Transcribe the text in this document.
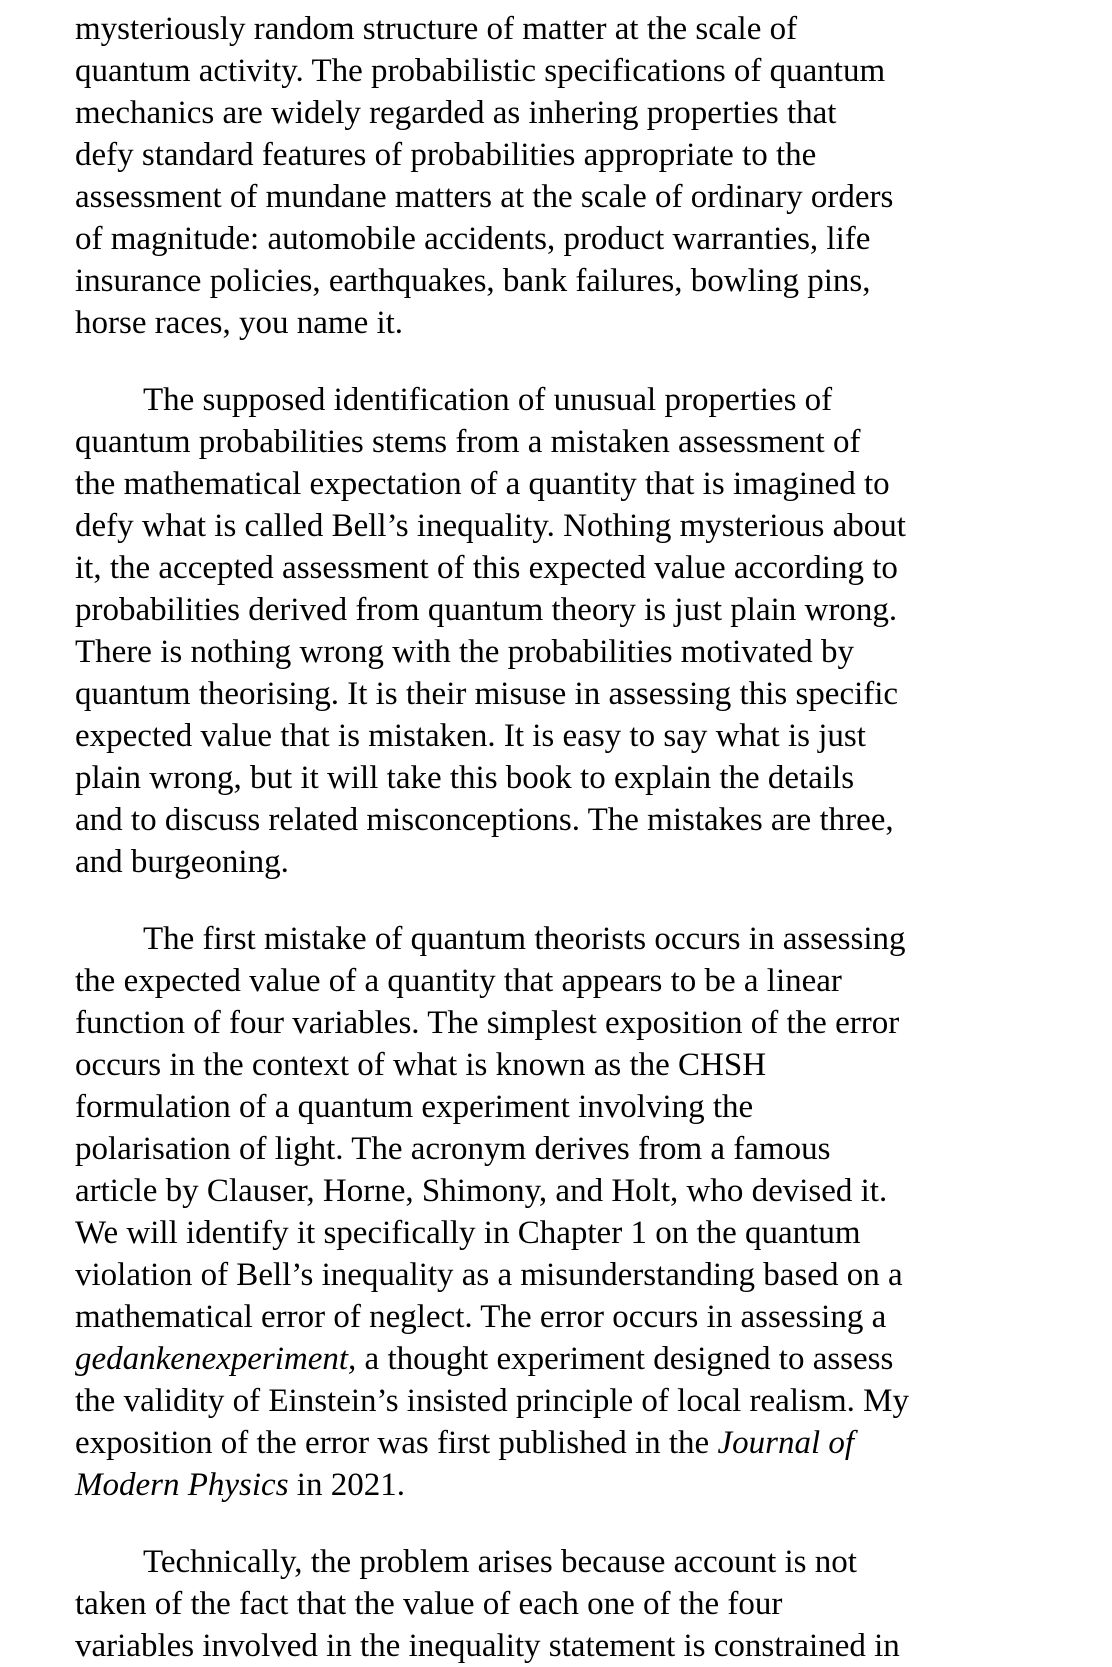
mysteriously random structure of matter at the scale of
quantum activity. The probabilistic specifications of quantum
mechanics are widely regarded as inhering properties that
defy standard features of probabilities appropriate to the
assessment of mundane matters at the scale of ordinary orders
of magnitude: automobile accidents, product warranties, life
insurance policies, earthquakes, bank failures, bowling pins,
horse races, you name it.
The supposed identification of unusual properties of
quantum probabilities stems from a mistaken assessment of
the mathematical expectation of a quantity that is imagined to
defy what is called Bell’s inequality. Nothing mysterious about
it, the accepted assessment of this expected value according to
probabilities derived from quantum theory is just plain wrong.
There is nothing wrong with the probabilities motivated by
quantum theorising. It is their misuse in assessing this specific
expected value that is mistaken. It is easy to say what is just
plain wrong, but it will take this book to explain the details
and to discuss related misconceptions. The mistakes are three,
and burgeoning.
The first mistake of quantum theorists occurs in assessing
the expected value of a quantity that appears to be a linear
function of four variables. The simplest exposition of the error
occurs in the context of what is known as the CHSH
formulation of a quantum experiment involving the
polarisation of light. The acronym derives from a famous
article by Clauser, Horne, Shimony, and Holt, who devised it.
We will identify it specifically in Chapter 1 on the quantum
violation of Bell’s inequality as a misunderstanding based on a
mathematical error of neglect. The error occurs in assessing a
gedankenexperiment, a thought experiment designed to assess
the validity of Einstein’s insisted principle of local realism. My
exposition of the error was first published in the Journal of
Modern Physics in 2021.
Technically, the problem arises because account is not
taken of the fact that the value of each one of the four
variables involved in the inequality statement is constrained in
